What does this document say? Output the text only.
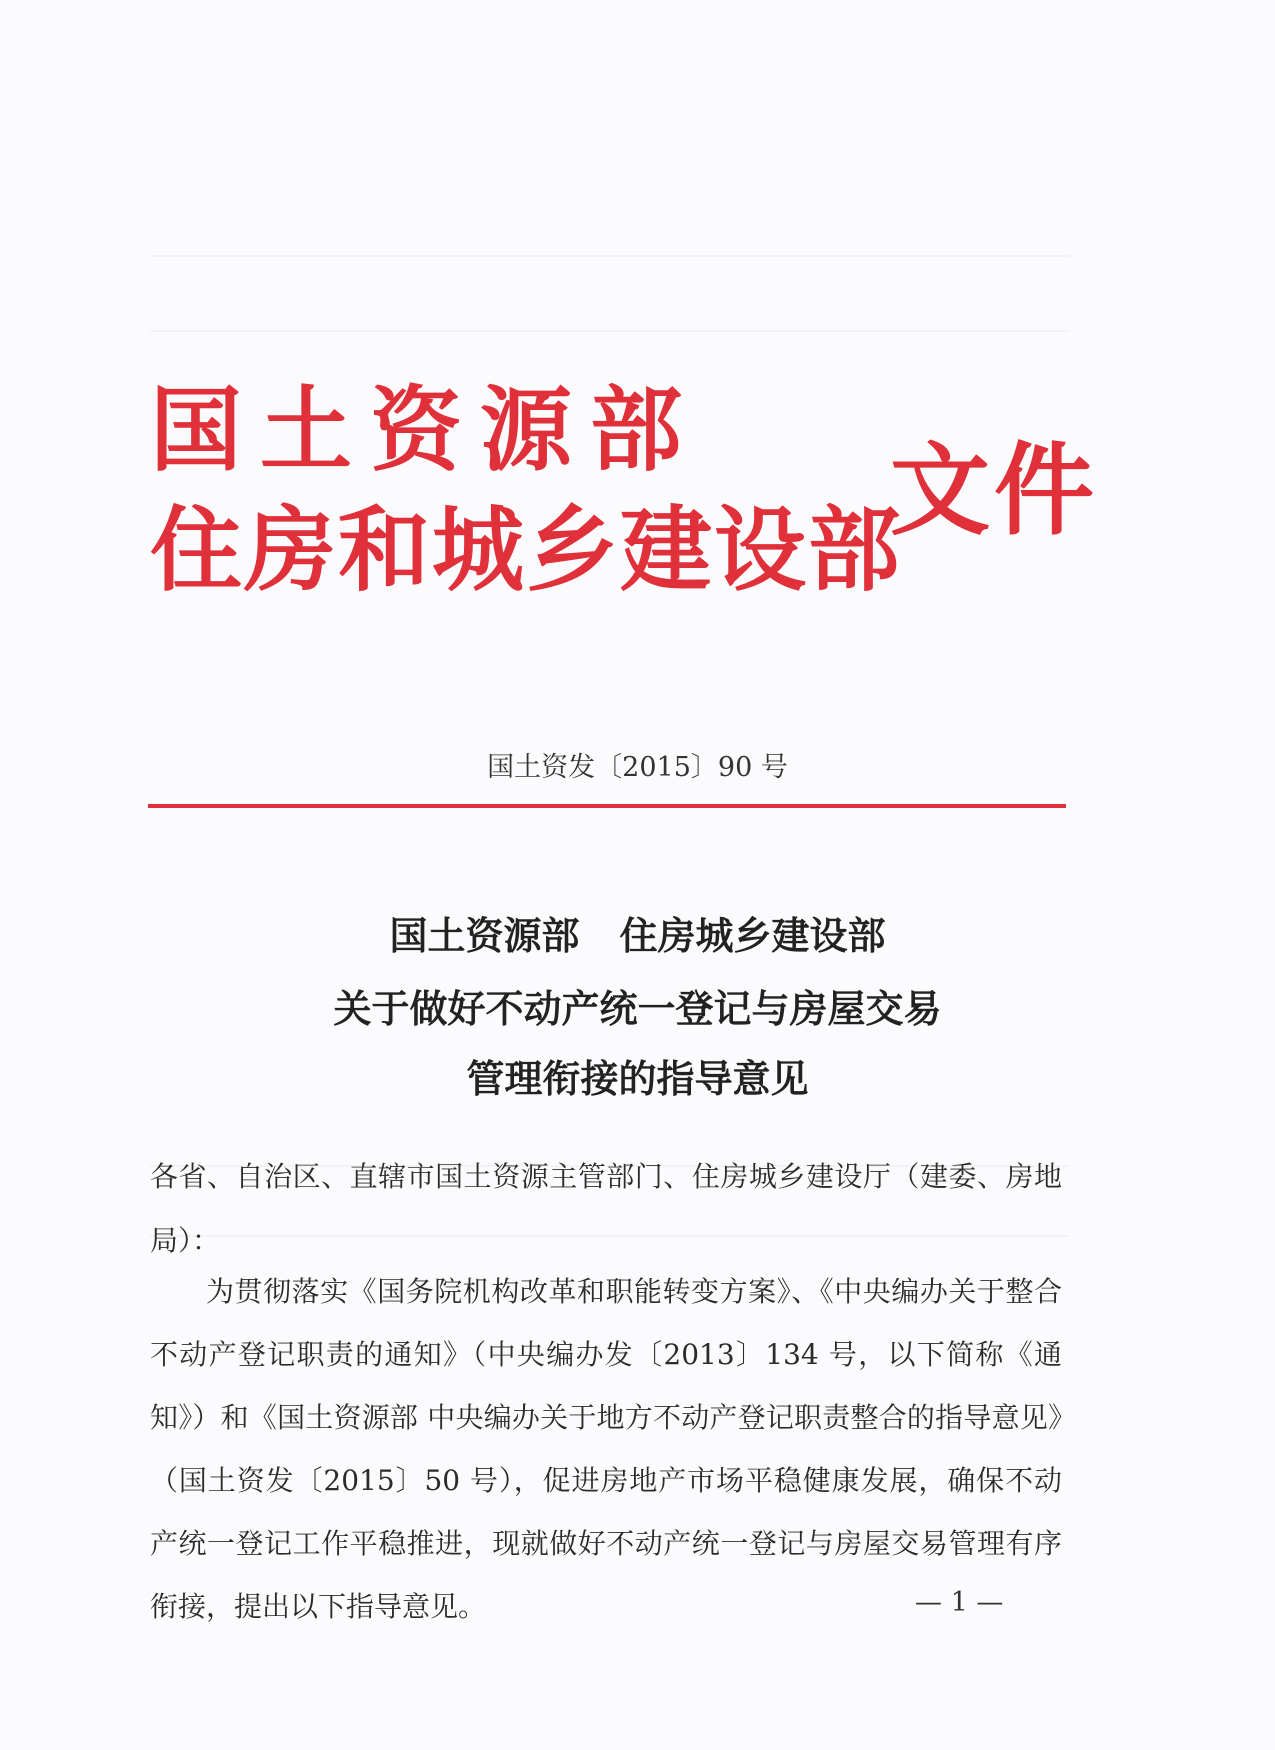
国土资源部
住房和城乡建设部
文件
国土资发〔2015〕90 号
国土资源部 住房城乡建设部
关于做好不动产统一登记与房屋交易
管理衔接的指导意见
各省、自治区、直辖市国土资源主管部门、住房城乡建设厅（建委、房地局）：
为贯彻落实《国务院机构改革和职能转变方案》、《中央编办关于整合不动产登记职责的通知》（中央编办发〔2013〕134 号，以下简称《通知》）和《国土资源部 中央编办关于地方不动产登记职责整合的指导意见》（国土资发〔2015〕50 号），促进房地产市场平稳健康发展，确保不动产统一登记工作平稳推进，现就做好不动产统一登记与房屋交易管理有序衔接，提出以下指导意见。	— 1 —
